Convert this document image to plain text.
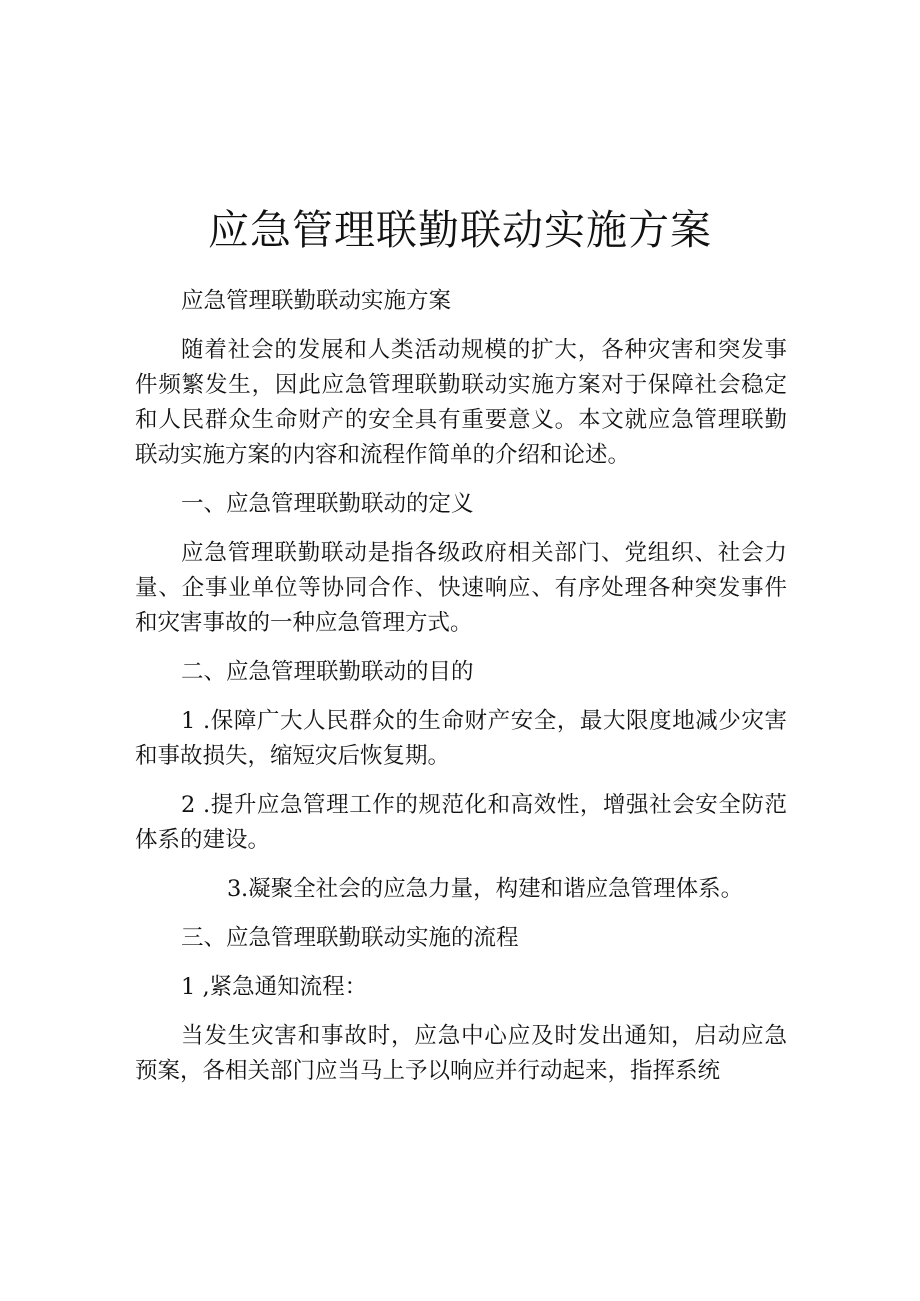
应急管理联勤联动实施方案

应急管理联勤联动实施方案

随着社会的发展和人类活动规模的扩大，各种灾害和突发事件频繁发生，因此应急管理联勤联动实施方案对于保障社会稳定和人民群众生命财产的安全具有重要意义。本文就应急管理联勤联动实施方案的内容和流程作简单的介绍和论述。

一、应急管理联勤联动的定义

应急管理联勤联动是指各级政府相关部门、党组织、社会力量、企事业单位等协同合作、快速响应、有序处理各种突发事件和灾害事故的一种应急管理方式。

二、应急管理联勤联动的目的

1 .保障广大人民群众的生命财产安全，最大限度地减少灾害和事故损失，缩短灾后恢复期。

2 .提升应急管理工作的规范化和高效性，增强社会安全防范体系的建设。

3.凝聚全社会的应急力量，构建和谐应急管理体系。

三、应急管理联勤联动实施的流程

1 ,紧急通知流程：

当发生灾害和事故时，应急中心应及时发出通知，启动应急预案，各相关部门应当马上予以响应并行动起来，指挥系统
